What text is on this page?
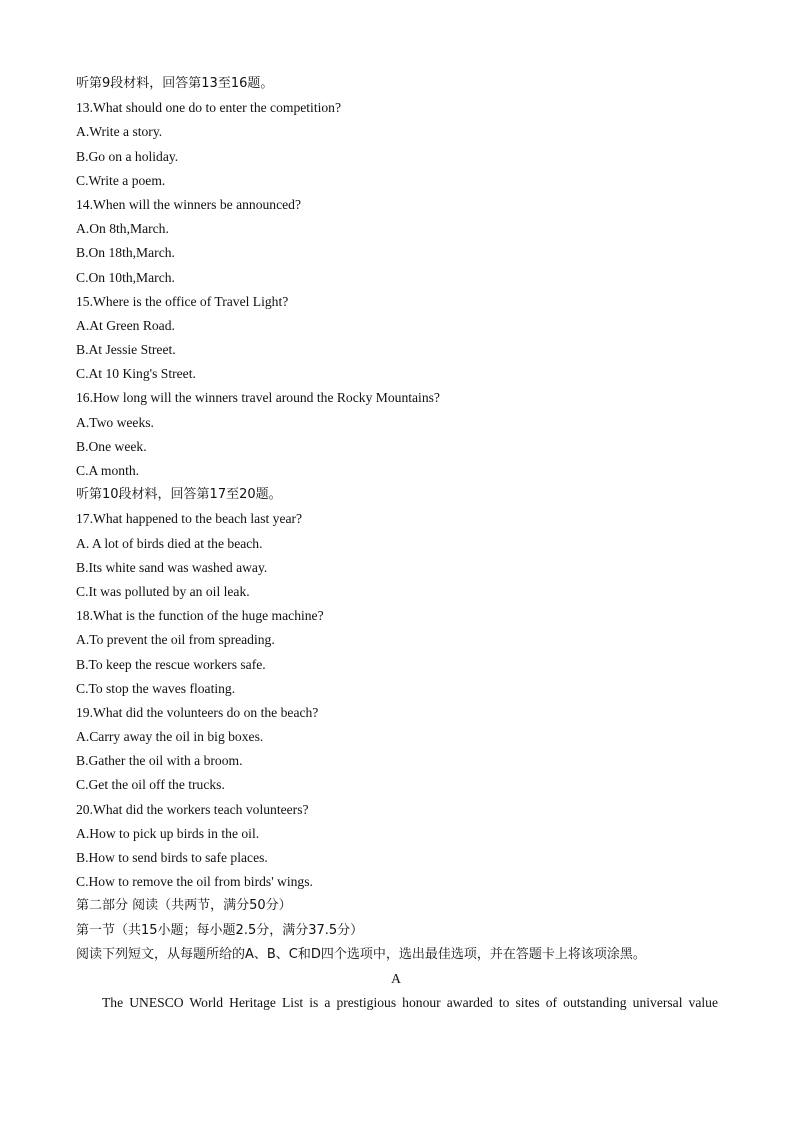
听第9段材料，回答第13至16题。
13.What should one do to enter the competition?
A.Write a story.
B.Go on a holiday.
C.Write a poem.
14.When will the winners be announced?
A.On 8th,March.
B.On 18th,March.
C.On 10th,March.
15.Where is the office of Travel Light?
A.At Green Road.
B.At Jessie Street.
C.At 10 King's Street.
16.How long will the winners travel around the Rocky Mountains?
A.Two weeks.
B.One week.
C.A month.
听第10段材料，回答第17至20题。
17.What happened to the beach last year?
A. A lot of birds died at the beach.
B.Its white sand was washed away.
C.It was polluted by an oil leak.
18.What is the function of the huge machine?
A.To prevent the oil from spreading.
B.To keep the rescue workers safe.
C.To stop the waves floating.
19.What did the volunteers do on the beach?
A.Carry away the oil in big boxes.
B.Gather the oil with a broom.
C.Get the oil off the trucks.
20.What did the workers teach volunteers?
A.How to pick up birds in the oil.
B.How to send birds to safe places.
C.How to remove the oil from birds' wings.
第二部分 阅读（共两节，满分50分）
第一节（共15小题；每小题2.5分，满分37.5分）
阅读下列短文，从每题所给的A、B、C和D四个选项中，选出最佳选项，并在答题卡上将该项涂黑。
A
The UNESCO World Heritage List is a prestigious honour awarded to sites of outstanding universal value
